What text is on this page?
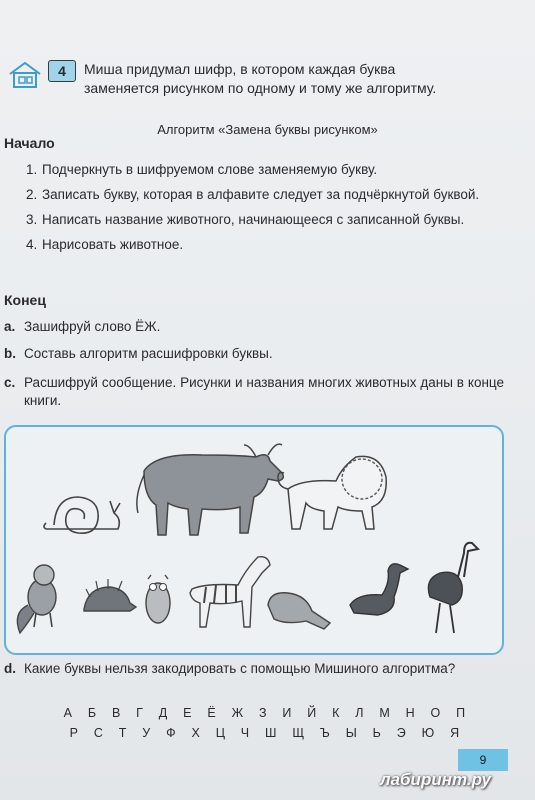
4	Миша придумал шифр, в котором каждая буква
заменяется рисунком по одному и тому же алгоритму.
Алгоритм «Замена буквы рисунком»
Начало
1. Подчеркнуть в шифруемом слове заменяемую букву.
2. Записать букву, которая в алфавите следует за подчёркнутой буквой.
3. Написать название животного, начинающееся с записанной буквы.
4. Нарисовать животное.
Конец
a. Зашифруй слово ЁЖ.
b. Составь алгоритм расшифровки буквы.
c. Расшифруй сообщение. Рисунки и названия многих животных даны в конце книги.
d. Какие буквы нельзя закодировать с помощью Мишиного алгоритма?
А Б В Г Д Е Ё Ж З И Й К Л М Н О П
Р С Т У Ф Х Ц Ч Ш Щ Ъ Ы Ь Э Ю Я
9
лабиринт.ру
